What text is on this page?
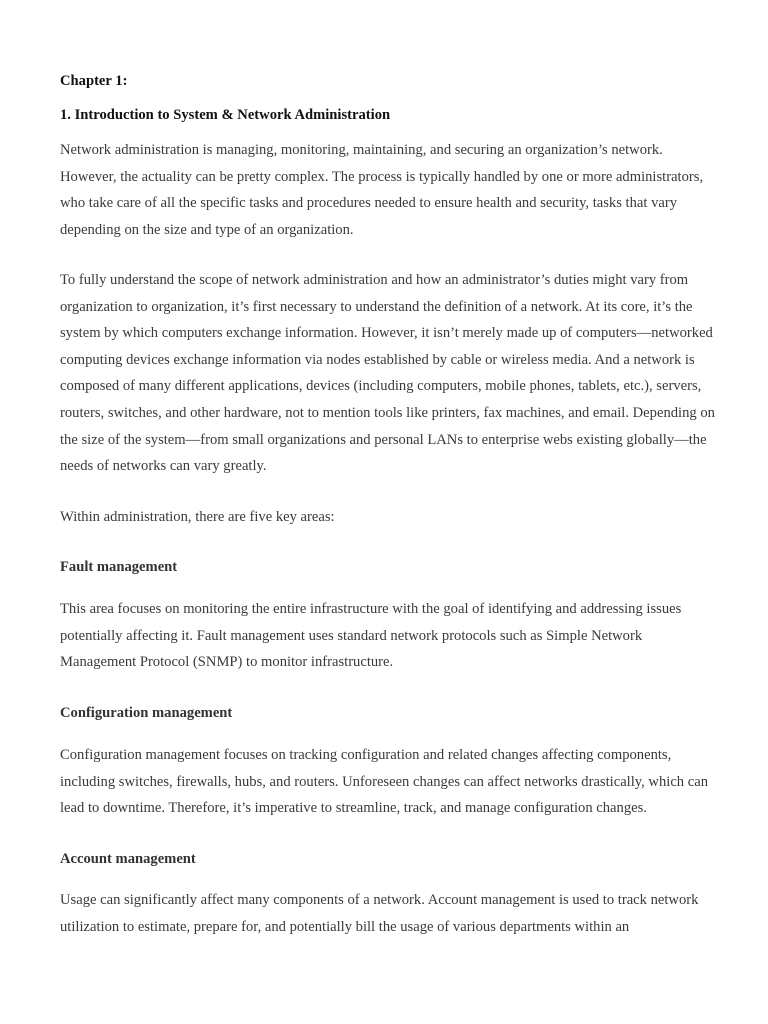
Chapter 1:
1. Introduction to System & Network Administration

Network administration is managing, monitoring, maintaining, and securing an organization’s network. However, the actuality can be pretty complex. The process is typically handled by one or more administrators, who take care of all the specific tasks and procedures needed to ensure health and security, tasks that vary depending on the size and type of an organization.

To fully understand the scope of network administration and how an administrator’s duties might vary from organization to organization, it’s first necessary to understand the definition of a network. At its core, it’s the system by which computers exchange information. However, it isn’t merely made up of computers—networked computing devices exchange information via nodes established by cable or wireless media. And a network is composed of many different applications, devices (including computers, mobile phones, tablets, etc.), servers, routers, switches, and other hardware, not to mention tools like printers, fax machines, and email. Depending on the size of the system—from small organizations and personal LANs to enterprise webs existing globally—the needs of networks can vary greatly.

Within administration, there are five key areas:

Fault management

This area focuses on monitoring the entire infrastructure with the goal of identifying and addressing issues potentially affecting it. Fault management uses standard network protocols such as Simple Network Management Protocol (SNMP) to monitor infrastructure.

Configuration management

Configuration management focuses on tracking configuration and related changes affecting components, including switches, firewalls, hubs, and routers. Unforeseen changes can affect networks drastically, which can lead to downtime. Therefore, it’s imperative to streamline, track, and manage configuration changes.

Account management

Usage can significantly affect many components of a network. Account management is used to track network utilization to estimate, prepare for, and potentially bill the usage of various departments within an
